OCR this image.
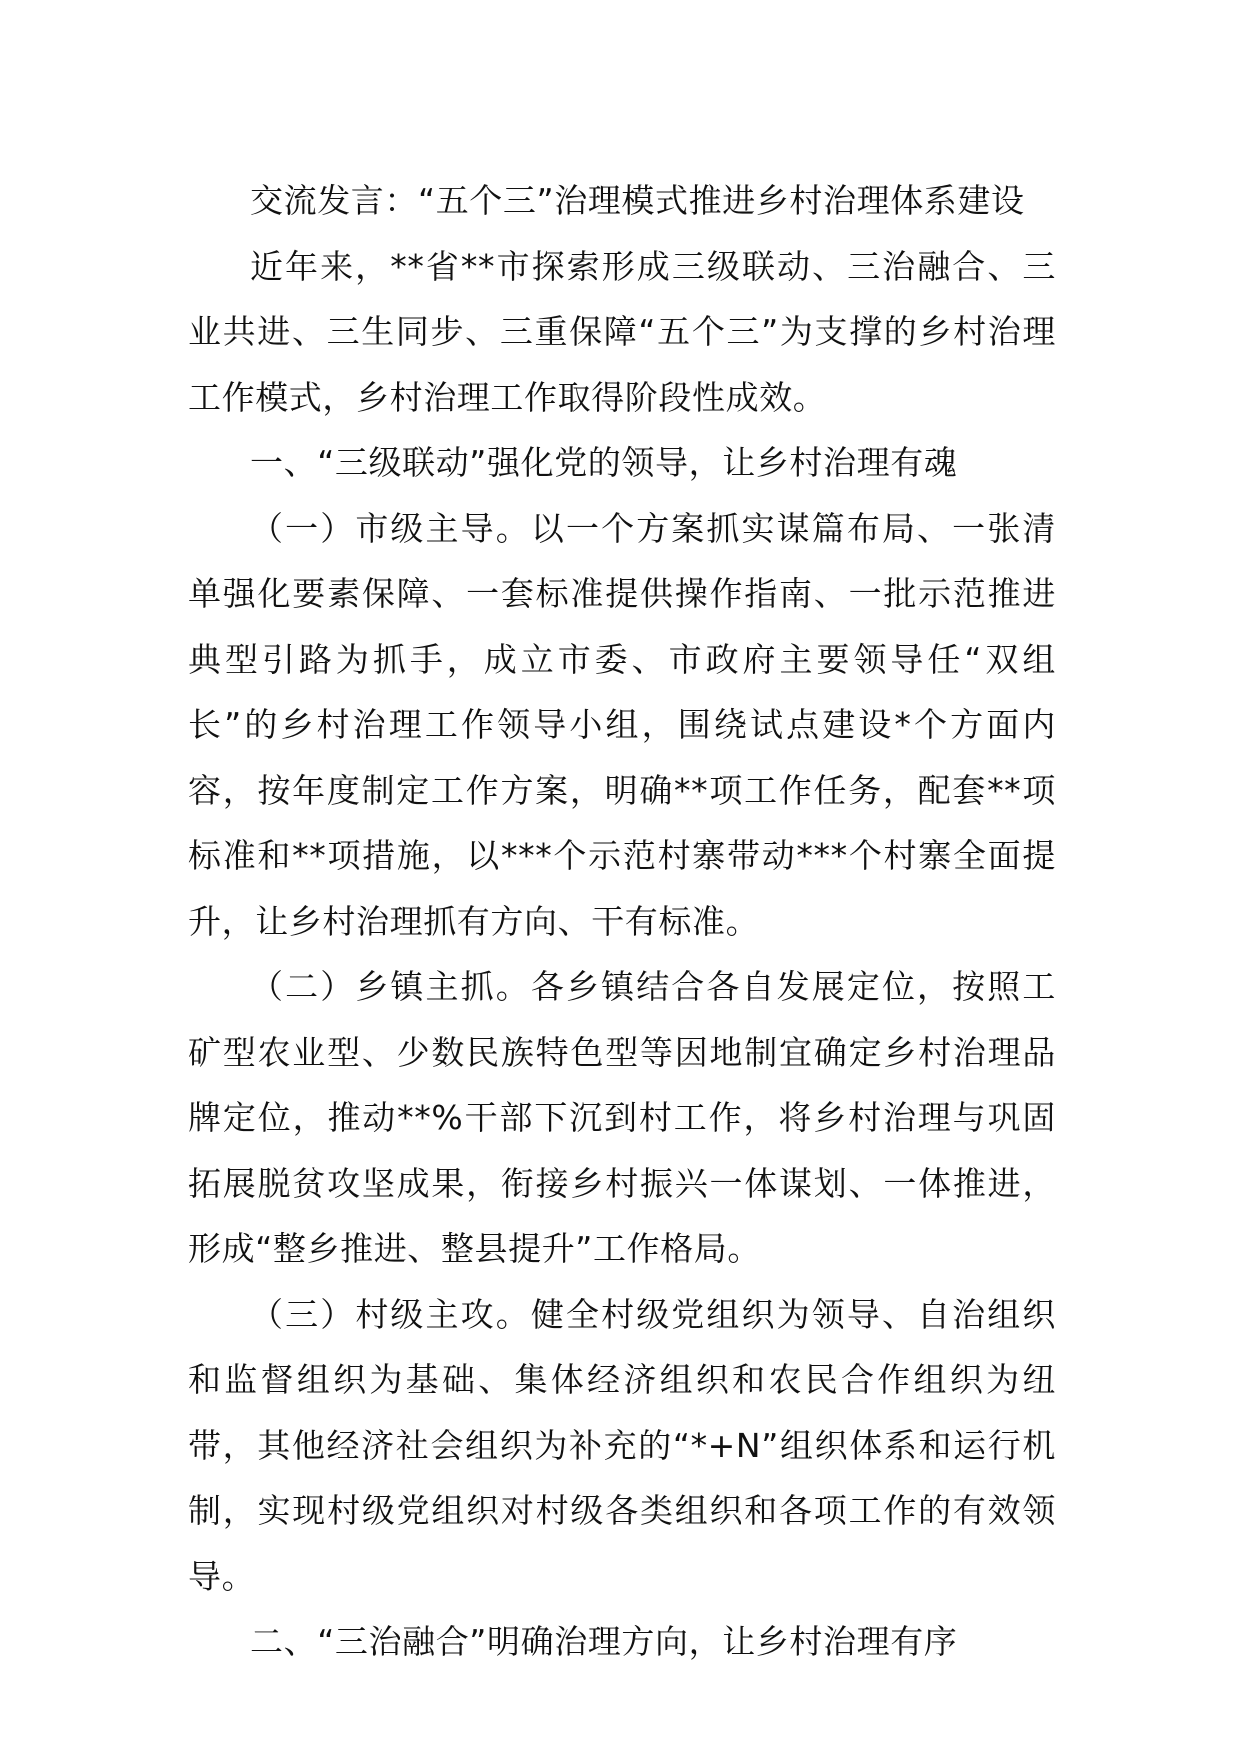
交流发言：“五个三”治理模式推进乡村治理体系建设

近年来，**省**市探索形成三级联动、三治融合、三业共进、三生同步、三重保障“五个三”为支撑的乡村治理工作模式，乡村治理工作取得阶段性成效。

一、“三级联动”强化党的领导，让乡村治理有魂

（一）市级主导。以一个方案抓实谋篇布局、一张清单强化要素保障、一套标准提供操作指南、一批示范推进典型引路为抓手，成立市委、市政府主要领导任“双组长”的乡村治理工作领导小组，围绕试点建设*个方面内容，按年度制定工作方案，明确**项工作任务，配套**项标准和**项措施，以***个示范村寨带动***个村寨全面提升，让乡村治理抓有方向、干有标准。

（二）乡镇主抓。各乡镇结合各自发展定位，按照工矿型农业型、少数民族特色型等因地制宜确定乡村治理品牌定位，推动**%干部下沉到村工作，将乡村治理与巩固拓展脱贫攻坚成果，衔接乡村振兴一体谋划、一体推进，形成“整乡推进、整县提升”工作格局。

（三）村级主攻。健全村级党组织为领导、自治组织和监督组织为基础、集体经济组织和农民合作组织为纽带，其他经济社会组织为补充的“*+N”组织体系和运行机制，实现村级党组织对村级各类组织和各项工作的有效领导。

二、“三治融合”明确治理方向，让乡村治理有序
